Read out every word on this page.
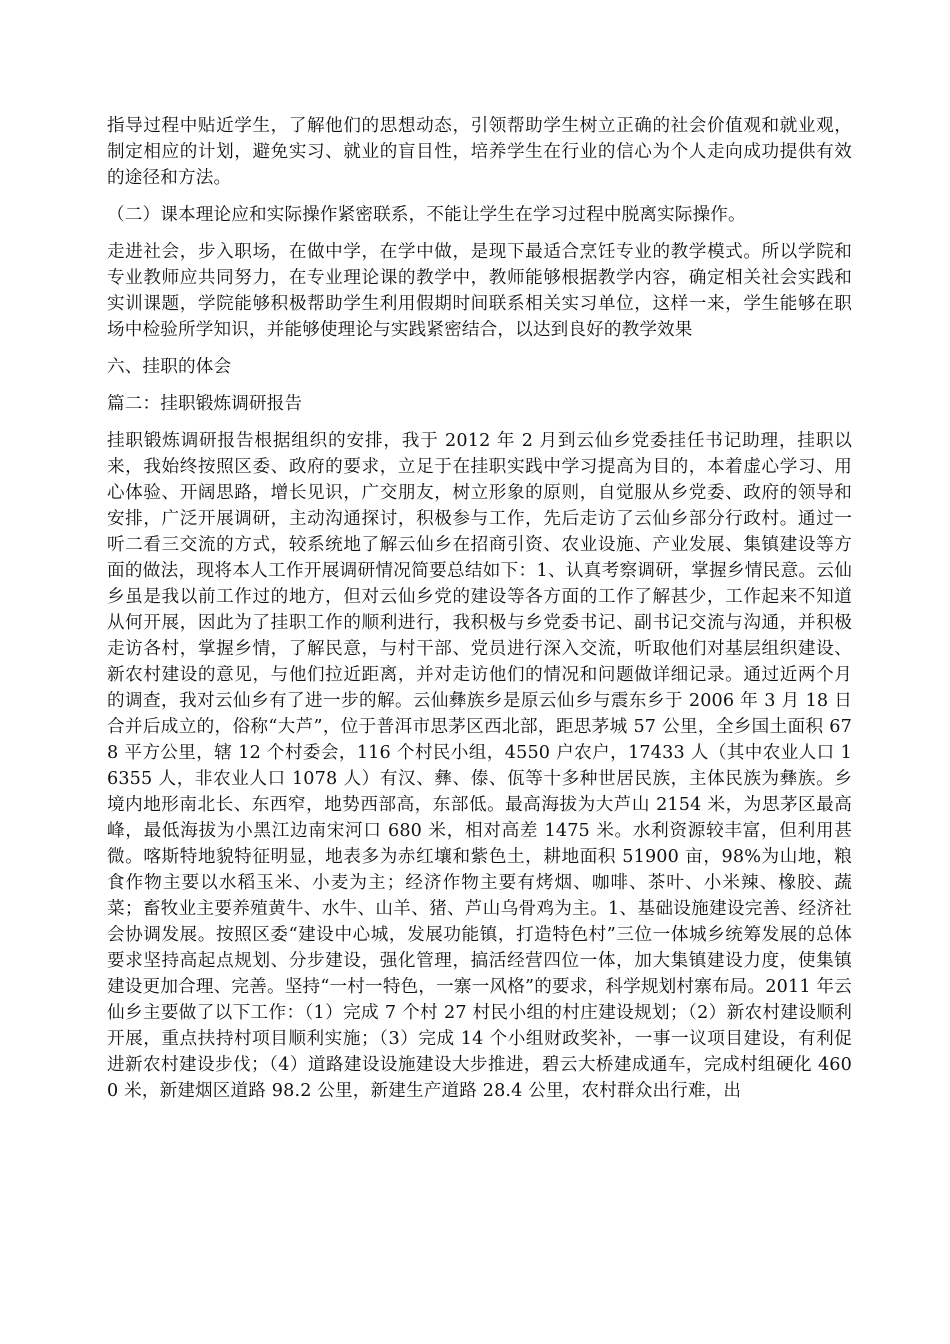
指导过程中贴近学生，了解他们的思想动态，引领帮助学生树立正确的社会价值观和就业观，制定相应的计划，避免实习、就业的盲目性，培养学生在行业的信心为个人走向成功提供有效的途径和方法。

（二）课本理论应和实际操作紧密联系，不能让学生在学习过程中脱离实际操作。

走进社会，步入职场，在做中学，在学中做，是现下最适合烹饪专业的教学模式。所以学院和专业教师应共同努力，在专业理论课的教学中，教师能够根据教学内容，确定相关社会实践和实训课题，学院能够积极帮助学生利用假期时间联系相关实习单位，这样一来，学生能够在职场中检验所学知识，并能够使理论与实践紧密结合，以达到良好的教学效果

六、挂职的体会

篇二：挂职锻炼调研报告

挂职锻炼调研报告根据组织的安排，我于 2012 年 2 月到云仙乡党委挂任书记助理，挂职以来，我始终按照区委、政府的要求，立足于在挂职实践中学习提高为目的，本着虚心学习、用心体验、开阔思路，增长见识，广交朋友，树立形象的原则，自觉服从乡党委、政府的领导和安排，广泛开展调研，主动沟通探讨，积极参与工作，先后走访了云仙乡部分行政村。通过一听二看三交流的方式，较系统地了解云仙乡在招商引资、农业设施、产业发展、集镇建设等方面的做法，现将本人工作开展调研情况简要总结如下：1、认真考察调研，掌握乡情民意。云仙乡虽是我以前工作过的地方，但对云仙乡党的建设等各方面的工作了解甚少，工作起来不知道从何开展，因此为了挂职工作的顺利进行，我积极与乡党委书记、副书记交流与沟通，并积极走访各村，掌握乡情，了解民意，与村干部、党员进行深入交流，听取他们对基层组织建设、新农村建设的意见，与他们拉近距离，并对走访他们的情况和问题做详细记录。通过近两个月的调查，我对云仙乡有了进一步的解。云仙彝族乡是原云仙乡与震东乡于 2006 年 3 月 18 日合并后成立的，俗称“大芦”，位于普洱市思茅区西北部，距思茅城 57 公里，全乡国土面积 678 平方公里，辖 12 个村委会，116 个村民小组，4550 户农户，17433 人（其中农业人口 16355 人，非农业人口 1078 人）有汉、彝、傣、佤等十多种世居民族，主体民族为彝族。乡境内地形南北长、东西窄，地势西部高，东部低。最高海拔为大芦山 2154 米，为思茅区最高峰，最低海拔为小黑江边南宋河口 680 米，相对高差 1475 米。水利资源较丰富，但利用甚微。喀斯特地貌特征明显，地表多为赤红壤和紫色土，耕地面积 51900 亩，98%为山地，粮食作物主要以水稻玉米、小麦为主；经济作物主要有烤烟、咖啡、茶叶、小米辣、橡胶、蔬菜；畜牧业主要养殖黄牛、水牛、山羊、猪、芦山乌骨鸡为主。1、基础设施建设完善、经济社会协调发展。按照区委“建设中心城，发展功能镇，打造特色村”三位一体城乡统筹发展的总体要求坚持高起点规划、分步建设，强化管理，搞活经营四位一体，加大集镇建设力度，使集镇建设更加合理、完善。坚持“一村一特色，一寨一风格”的要求，科学规划村寨布局。2011 年云仙乡主要做了以下工作：（1）完成 7 个村 27 村民小组的村庄建设规划；（2）新农村建设顺利开展，重点扶持村项目顺利实施；（3）完成 14 个小组财政奖补，一事一议项目建设，有利促进新农村建设步伐；（4）道路建设设施建设大步推进，碧云大桥建成通车，完成村组硬化 4600 米，新建烟区道路 98.2 公里，新建生产道路 28.4 公里，农村群众出行难，出
